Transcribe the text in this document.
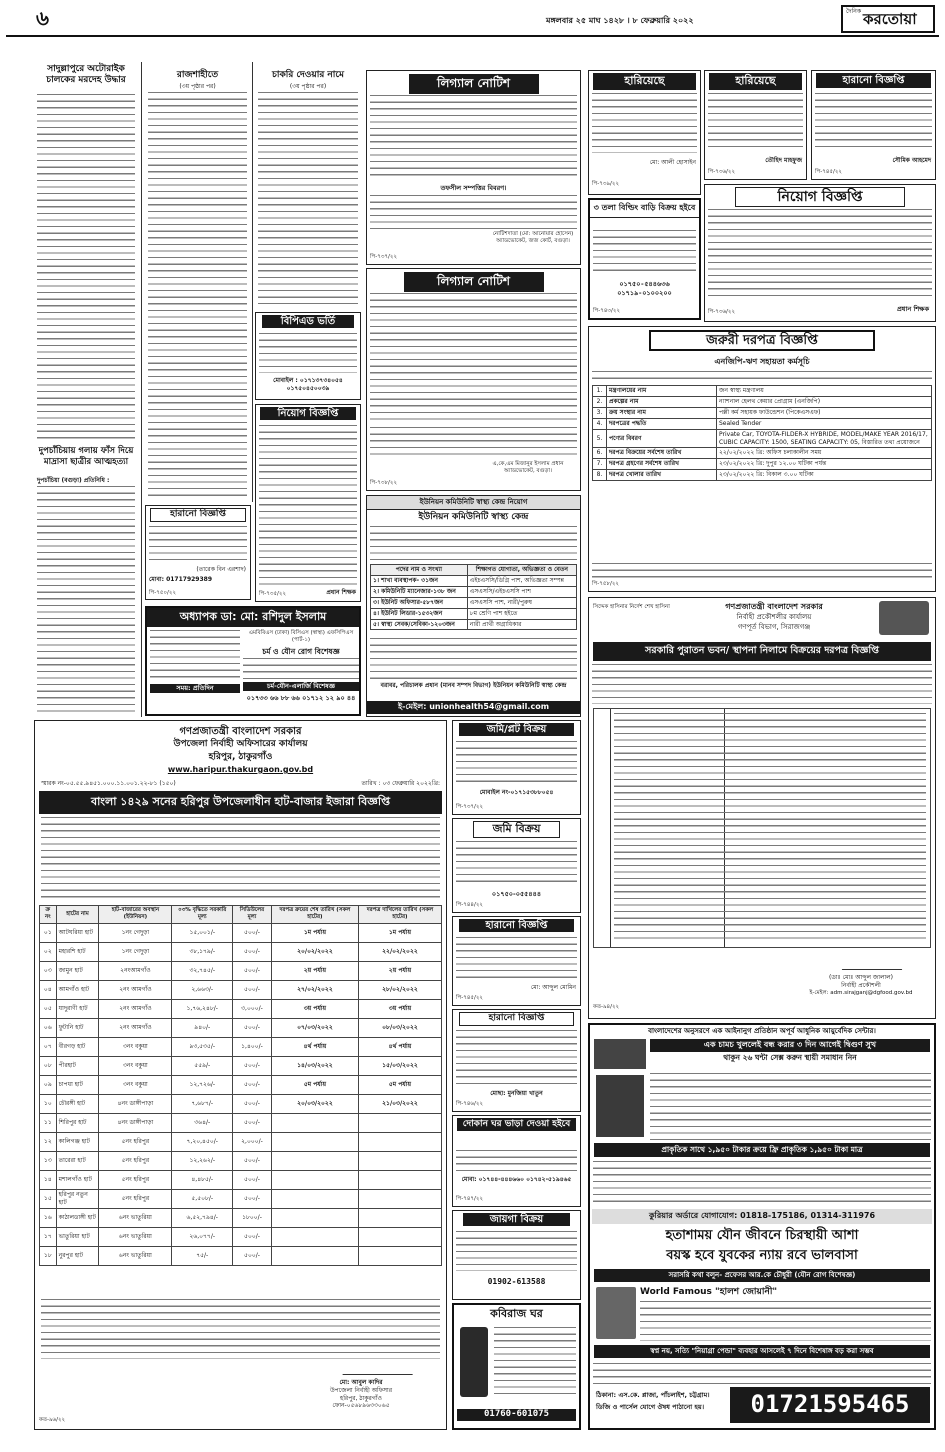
৬	মঙ্গলবার ২৫ মাঘ ১৪২৮ । ৮ ফেব্রুয়ারি ২০২২
দৈনিক করতোয়া
সাদুল্লাপুরে অটোরাইক চালকের মরদেহ উদ্ধার
দুপচাঁচিয়ায় গলায় ফাঁস দিয়ে মাদ্রাসা ছাত্রীর আত্মহত্যা
দুপচাঁচিয়া (বগুড়া) প্রতিনিধি :
রাজশাহীতে
(৩য় পৃষ্ঠার পর)
চাকরি দেওয়ার নামে
(৩য় পৃষ্ঠার পর)	লিগ্যাল নোটিশ
তফসীল সম্পত্তির বিবরণ।
নোটিশদাতা (মো: আনোয়ার হোসেন) অ্যাডভোকেট, জজ কোর্ট, বগুড়া।
পি-৭৩৭/২২
লিগ্যাল নোটিশ
এ,কে,এম মিজানুর ইসলাম প্রধান অ্যাডভোকেট, বগুড়া।
পি-৭৩৮/২২
হারিয়েছে
মো: আলী হোসাইন
পি-৭৩৯/২২
হারিয়েছে
তৌহিদ মাহফুজ
পি-৭৩৬/২২
হারানো বিজ্ঞপ্তি
সৌমিক আহমেদ
পি-৭৪৫/২২
৩ তলা বিল্ডিং বাড়ি বিক্রয় হইবে
০১৭৫০-৫৪৪৬৩৬ ০১৭১৯-০১০০২০০
পি-৭৪৩/২২
নিয়োগ বিজ্ঞপ্তি
প্রধান শিক্ষক
পি-৭৩৬/২২
জরুরী দরপত্র বিজ্ঞপ্তি
এনজিপি-ঋণ সহায়তা কর্মসূচি
1.	মন্ত্রণালয়ের নাম	জন স্বাস্থ্য মন্ত্রণালয়
2.	প্রকল্পের নাম	ন্যাশনাল হেলথ কেয়ার প্রোগ্রাম (এনজিপি)
3.	ক্রয় সংস্থার নাম	পল্লী কর্ম সহায়ক ফাউন্ডেশন (পিকেএসএফ)
4.	দরপত্রের পদ্ধতি	Sealed Tender
5.	পণ্যের বিবরণ	Private Car, TOYOTA-FILDER-X HYBRIDE, MODEL/MAKE YEAR 2016/17, CUBIC CAPACITY: 1500, SEATING CAPACITY: 05, বিস্তারিত তথ্য প্রয়োজনে
6.	দরপত্র বিক্রয়ের সর্বশেষ তারিখ	২২/০২/২০২২ খ্রি: অফিস চলাকালীন সময়
7.	দরপত্র গ্রহণের সর্বশেষ তারিখ	২৩/০২/২০২২ খ্রি: দুপুর ১২.০০ ঘটিকা পর্যন্ত
8.	দরপত্র খোলার তারিখ	২৩/০২/২০২২ খ্রি: বিকাল ৩.০০ ঘটিকা
পি-৭৫৮/২২
বিপিএড ভর্তি
মোবাইল : ০১৭১৩৭৩৪০৫৪ ০১৭৫০৪৫০০৩৯
নিয়োগ বিজ্ঞপ্তি
প্রধান শিক্ষক
পি-৭৩৫/২২
হারানো বিজ্ঞপ্তি
(তারেক বিন এরশাদ)
মোবা: 01717929389
পি-৭৫০/২২
অধ্যাপক ডা: মো: রশিদুল ইসলাম
সময়: প্রতিদিন
এমবিবিএস (ঢাকা) বিসিএস (স্বাস্থ্য) এফসিপিএস (পার্ট-১)
চর্ম ও যৌন রোগ বিশেষজ্ঞ
চর্ম-যৌন-এলার্জি বিশেষজ্ঞ
০১৭৩৩ ৬৬ ৮৮ ৬৬ ০১৭১২ ১২ ৯০ ৪৪
ইউনিয়ন কমিউনিটি স্বাস্থ্য কেন্দ্র নিয়োগ
ইউনিয়ন কমিউনিটি স্বাস্থ্য কেন্দ্র
পদের নাম ও সংখ্যা	শিক্ষাগত যোগ্যতা, অভিজ্ঞতা ও বেতন
১। শাখা ব্যবস্থাপক- ৩১জন	এইচএসসি/ডিগ্রি পাশ, অভিজ্ঞতা সম্পন্ন
২। কমিউনিটি ম্যানেজার-১৩৮ জন	এসএসসি/এইচএসসি পাশ
৩। ইউনিট অফিসার-৫৮৭জন	এসএসসি পাশ, নারী/পুরুষ
৪। ইউনিট লিডার-১৫৩২জন	৮ম শ্রেণি পাশ হইতে
৫। স্বাস্থ্য সেবক/সেবিকা-১২০৩জন	নারী প্রার্থী অগ্রাধিকার
বরাবর, পরিচালক প্রধান (মানব সম্পদ বিভাগ) ইউনিয়ন কমিউনিটি স্বাস্থ্য কেন্দ্র
ই-মেইল: unionhealth54@gmail.com
গণপ্রজাতন্ত্রী বাংলাদেশ সরকার
উপজেলা নির্বাহী অফিসারের কার্যালয়
হরিপুর, ঠাকুরগাঁও
www.haripur.thakurgaon.gov.bd
স্মারক নং-০৫.৫৫.৯৪৫১.০০০.১১.০০১.২২-৮১ (১৫০)	তারিখ : ০৩ ফেব্রুয়ারি ২০২২খ্রি:
বাংলা ১৪২৯ সনের হরিপুর উপজেলাধীন হাট-বাজার ইজারা বিজ্ঞপ্তি
ক্র নং	হাটের নাম	হাট-বাজারের অবস্থান (ইউনিয়ন)	০৩% বৃদ্ধিতে সরকারি মূল্য	সিডিউলের মূল্য	দরপত্র ক্রয়ের শেষ তারিখ (সকল হাটের)	দরপত্র দাখিলের তারিখ (সকল হাটের)
০১	আটঘরিয়া হাট	১নং গেদুড়া	১৫,০০১/-	৫০০/-	১ম পর্যায়	১ম পর্যায়
০২	মহারশি হাট	১নং গেদুড়া	৩৮,১৭৯/-	৫০০/-	২০/০২/২০২২	২২/০২/২০২২
০৩	জামুন হাট	২নংআমগাঁও	৩২,৭৪৫/-	৫০০/-	২য় পর্যায়	২য় পর্যায়
০৪	আমগাঁও হাট	২নং আমগাঁও	২,৬৬৩/-	৫০০/-	২৭/০২/২০২২	২৮/০২/২০২২
০৫	যাদুরাণী হাট	২নং আমগাঁও	১,৭৬,২৪৮/-	৩,০০০/-	৩য় পর্যায়	৩য় পর্যায়
০৬	ফুটানি হাট	২নং আমগাঁও	৯৪০/-	৫০০/-	০৭/০৩/২০২২	০৮/০৩/২০২২
০৭	বীরগড় হাট	৩নং বকুয়া	৯৩,৫৩৫/-	১,৪০০/-	৪র্থ পর্যায়	৪র্থ পর্যায়
০৮	পীরহাট	৩নং বকুয়া	৫৫৯/-	৫০০/-	১৪/০৩/২০২২	১৫/০৩/২০২২
০৯	চাপধা হাট	৩নং বকুয়া	১২,৭২৬/-	৫০০/-	৫ম পর্যায়	৫ম পর্যায়
১০	চৌরঙ্গী হাট	৪নং ডাঙ্গীপাড়া	৭,৬৮৭/-	৫০০/-	২০/০৩/২০২২	২১/০৩/২০২২
১১	শিরিপুর হাট	৪নং ডাঙ্গীপাড়া	৩৬৪/-	৫০০/-		
১২	কালিগঞ্জ হাট	৫নং হরিপুর	৭,২০,৪৫০/-	২,০০০/-		
১৩	তারেরা হাট	৫নং হরিপুর	১২,২৬২/-	৫০০/-		
১৪	মশালগাঁও হাট	৫নং হরিপুর	৪,৪৮৫/-	৫০০/-		
১৫	হরিপুর নতুন হাট	৫নং হরিপুর	৫,৫০৮/-	৫০০/-		
১৬	কাঠালডাঙ্গী হাট	৬নং ভাতুরিয়া	৬,৫২,৭৯৪/-	১৮০০/-		
১৭	ভাতুরিয়া হাট	৬নং ভাতুরিয়া	২৬,০৭৭/-	৫০০/-		
১৮	নুরপুর হাট	৬নং ভাতুরিয়া	৭৫/-	৫০০/-		
মো: আবুল কাদির
উপজেলা নির্বাহী অফিসার
হরিপুর, ঠাকুরগাঁও
ফোন-০৫৬৮৯৬৩৩০৬৫
কত-৯৬/২২
জমি/প্লট বিক্রয়
মোবাইল নং-০১৭১৫৩৮৮০৫৪
পি-৭৩৭/২২
জমি বিক্রয়
০১৭৫০-০৫৫৪৪৪
পি-৭৪৪/২২
হারানো বিজ্ঞপ্তি
মো: আব্দুল মোমিন
পি-৭৪৫/২২
হারানো বিজ্ঞপ্তি
মোছা: মুনজিয়া খাতুন
পি-৭৪৬/২২
দোকান ঘর ভাড়া দেওয়া হইবে
মোবা: ০১৭৪৪-৪৪৪৬৬০ ০১৭৪২-৫১৯৪৬৫
পি-৭৪৭/২২
জায়গা বিক্রয়
01902-613588
কবিরাজ ঘর
01760-601075
সিদ্দেক হাসিনার নির্দেশ শেখ হাসিনা	গণপ্রজাতন্ত্রী বাংলাদেশ সরকার
নির্বাহী প্রকৌশলীর কার্যালয়
গণপূর্ত বিভাগ, সিরাজগঞ্জ
সরকারি পুরাতন ভবন/ স্থাপনা নিলামে বিক্রয়ের দরপত্র বিজ্ঞপ্তি
(ডাঃ মোঃ আব্দুল জালাল)
নির্বাহী প্রকৌশলী
ই-মেইল: adm.sirajganj@dgfood.gov.bd
কত-৯৪/২২
বাংলাদেশের অনুসরণে এক আইনানুগ প্রতিষ্ঠান অপূর্ব আধুনিক আয়ুর্বেদিক সেন্টার।
এক চামচ খুললেই বন্ধ করার ৩ দিন আগেই দ্বিগুণ সুখ
থাকুন ২৬ ঘন্টা সেক্স করুন স্থায়ী সমাধান নিন
প্রাকৃতিক সাথে ১,৯৫০ টাকার ক্রয়ে ফ্রি প্রাকৃতিক ১,৯৫০ টাকা মাত্র
কুরিয়ার অর্ডারে যোগাযোগ: 01818-175186, 01314-311976
হতাশাময় যৌন জীবনে চিরস্থায়ী আশা
বয়স্ক হবে যুবকের ন্যায় রবে ভালবাসা
সরাসরি কথা বলুন- প্রফেসর আর.কে চৌধুরী (যৌন রোগ বিশেষজ্ঞ)
World Famous "হালশ জোয়ানী"
স্বপ্ন নয়, সত্যি "নিয়াগ্রা পেন্ডা" ব্যবহার আসলেই ৭ দিনে বিশেষাঙ্গ বড় করা সম্ভব
ঠিকানা: এস.কে. প্লাজা, পাঁচলাইশ, চট্টগ্রাম।
ডিজি ও পার্সেল যোগে ঔষধ পাঠানো হয়।	01721595465
